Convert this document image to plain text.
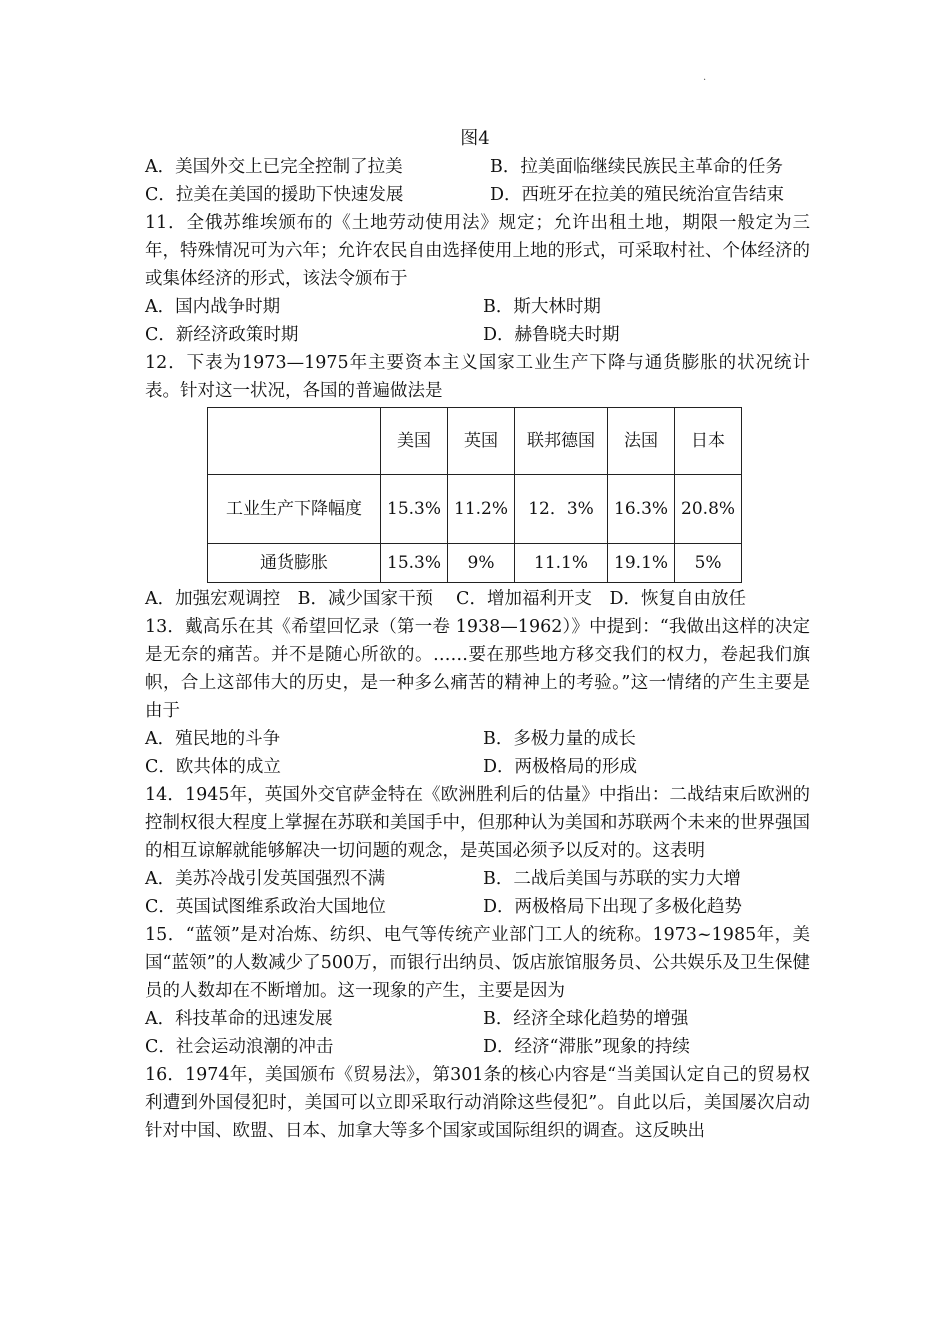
.
图4
A．美国外交上已完全控制了拉美	B．拉美面临继续民族民主革命的任务
C．拉美在美国的援助下快速发展	D．西班牙在拉美的殖民统治宣告结束
11．全俄苏维埃颁布的《土地劳动使用法》规定；允许出租土地，期限一般定为三年，特殊情况可为六年；允许农民自由选择使用上地的形式，可采取村社、个体经济的或集体经济的形式，该法令颁布于
A．国内战争时期	B．斯大林时期
C．新经济政策时期	D．赫鲁晓夫时期
12．下表为1973—1975年主要资本主义国家工业生产下降与通货膨胀的状况统计表。针对这一状况，各国的普遍做法是
	美国	英国	联邦德国	法国	日本
工业生产下降幅度	15.3%	11.2%	12．3%	16.3%	20.8%
通货膨胀	15.3%	9%	11.1%	19.1%	5%
A．加强宏观调控　B．减少国家干预　 C．增加福利开支　D．恢复自由放任
13．戴高乐在其《希望回忆录（第一卷 1938—1962）》中提到：“我做出这样的决定是无奈的痛苦。并不是随心所欲的。……要在那些地方移交我们的权力，卷起我们旗帜，合上这部伟大的历史，是一种多么痛苦的精神上的考验。”这一情绪的产生主要是由于
A．殖民地的斗争	B．多极力量的成长
C．欧共体的成立	D．两极格局的形成
14．1945年，英国外交官萨金特在《欧洲胜利后的估量》中指出：二战结束后欧洲的控制权很大程度上掌握在苏联和美国手中，但那种认为美国和苏联两个未来的世界强国的相互谅解就能够解决一切问题的观念，是英国必须予以反对的。这表明
A．美苏冷战引发英国强烈不满	B．二战后美国与苏联的实力大增
C．英国试图维系政治大国地位	D．两极格局下出现了多极化趋势
15．“蓝领”是对冶炼、纺织、电气等传统产业部门工人的统称。1973~1985年，美国“蓝领”的人数减少了500万，而银行出纳员、饭店旅馆服务员、公共娱乐及卫生保健员的人数却在不断增加。这一现象的产生，主要是因为
A．科技革命的迅速发展	B．经济全球化趋势的增强
C．社会运动浪潮的冲击	D．经济“滞胀”现象的持续
16．1974年，美国颁布《贸易法》，第301条的核心内容是“当美国认定自己的贸易权利遭到外国侵犯时，美国可以立即采取行动消除这些侵犯”。自此以后，美国屡次启动针对中国、欧盟、日本、加拿大等多个国家或国际组织的调查。这反映出
